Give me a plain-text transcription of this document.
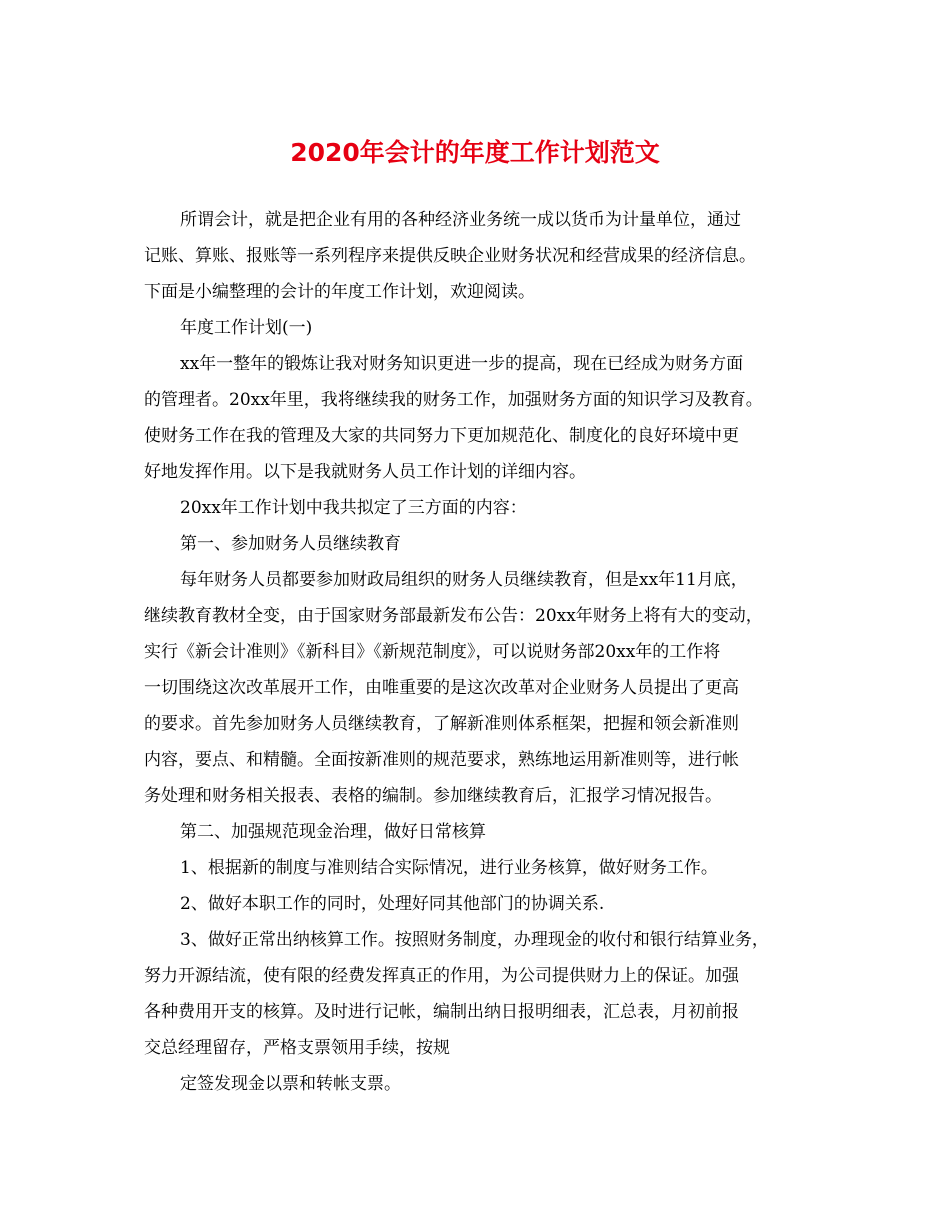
2020年会计的年度工作计划范文

所谓会计，就是把企业有用的各种经济业务统一成以货币为计量单位，通过
记账、算账、报账等一系列程序来提供反映企业财务状况和经营成果的经济信息。
下面是小编整理的会计的年度工作计划，欢迎阅读。
年度工作计划(一)
xx年一整年的锻炼让我对财务知识更进一步的提高，现在已经成为财务方面
的管理者。20xx年里，我将继续我的财务工作，加强财务方面的知识学习及教育。
使财务工作在我的管理及大家的共同努力下更加规范化、制度化的良好环境中更
好地发挥作用。以下是我就财务人员工作计划的详细内容。
20xx年工作计划中我共拟定了三方面的内容：
第一、参加财务人员继续教育
每年财务人员都要参加财政局组织的财务人员继续教育，但是xx年11月底，
继续教育教材全变，由于国家财务部最新发布公告：20xx年财务上将有大的变动，
实行《新会计准则》《新科目》《新规范制度》，可以说财务部20xx年的工作将
一切围绕这次改革展开工作，由唯重要的是这次改革对企业财务人员提出了更高
的要求。首先参加财务人员继续教育，了解新准则体系框架，把握和领会新准则
内容，要点、和精髓。全面按新准则的规范要求，熟练地运用新准则等，进行帐
务处理和财务相关报表、表格的编制。参加继续教育后，汇报学习情况报告。
第二、加强规范现金治理，做好日常核算
1、根据新的制度与准则结合实际情况，进行业务核算，做好财务工作。
2、做好本职工作的同时，处理好同其他部门的协调关系.
3、做好正常出纳核算工作。按照财务制度，办理现金的收付和银行结算业务，
努力开源结流，使有限的经费发挥真正的作用，为公司提供财力上的保证。加强
各种费用开支的核算。及时进行记帐，编制出纳日报明细表，汇总表，月初前报
交总经理留存，严格支票领用手续，按规
定签发现金以票和转帐支票。
